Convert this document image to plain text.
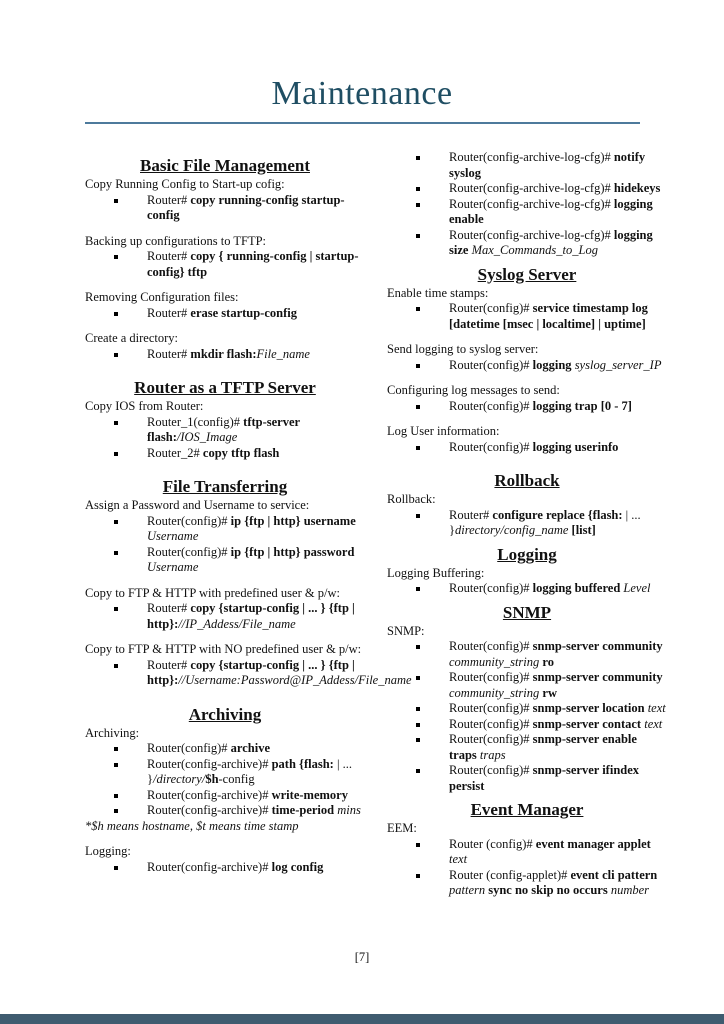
Maintenance
Basic File Management

Copy Running Config to Start-up cofig:

Router# copy running-config startup-config

Backing up configurations to TFTP:

Router# copy { running-config | startup-config} tftp

Removing Configuration files:

Router# erase startup-config

Create a directory:

Router# mkdir flash:File_name
Router as a TFTP Server

Copy IOS from Router:

Router_1(config)# tftp-server flash:/IOS_Image
Router_2# copy tftp flash
File Transferring

Assign a Password and Username to service:

Router(config)# ip {ftp | http} username Username
Router(config)# ip {ftp | http} password Username

Copy to FTP & HTTP with predefined user & p/w:

Router# copy {startup-config | ... } {ftp | http}://IP_Addess/File_name

Copy to FTP & HTTP with NO predefined user & p/w:

Router# copy {startup-config | ... } {ftp | http}://Username:Password@IP_Addess/File_name
Archiving

Archiving:

Router(config)# archive
Router(config-archive)# path {flash: | ... }/directory/$h-config
Router(config-archive)# write-memory
Router(config-archive)# time-period mins

*$h means hostname, $t means time stamp

Logging:

Router(config-archive)# log config
Router(config-archive-log-cfg)# notify syslog
Router(config-archive-log-cfg)# hidekeys
Router(config-archive-log-cfg)# logging enable
Router(config-archive-log-cfg)# logging size Max_Commands_to_Log
Syslog Server

Enable time stamps:

Router(config)# service timestamp log [datetime [msec | localtime] | uptime]

Send logging to syslog server:

Router(config)# logging syslog_server_IP

Configuring log messages to send:

Router(config)# logging trap [0 - 7]

Log User information:

Router(config)# logging userinfo
Rollback

Rollback:

Router# configure replace {flash: | ... }directory/config_name [list]
Logging

Logging Buffering:

Router(config)# logging buffered Level
SNMP

SNMP:

Router(config)# snmp-server community community_string ro
Router(config)# snmp-server community community_string rw
Router(config)# snmp-server location text
Router(config)# snmp-server contact text
Router(config)# snmp-server enable traps traps
Router(config)# snmp-server ifindex persist
Event Manager

EEM:

Router (config)# event manager applet text
Router (config-applet)# event cli pattern pattern sync no skip no occurs number
[7]
